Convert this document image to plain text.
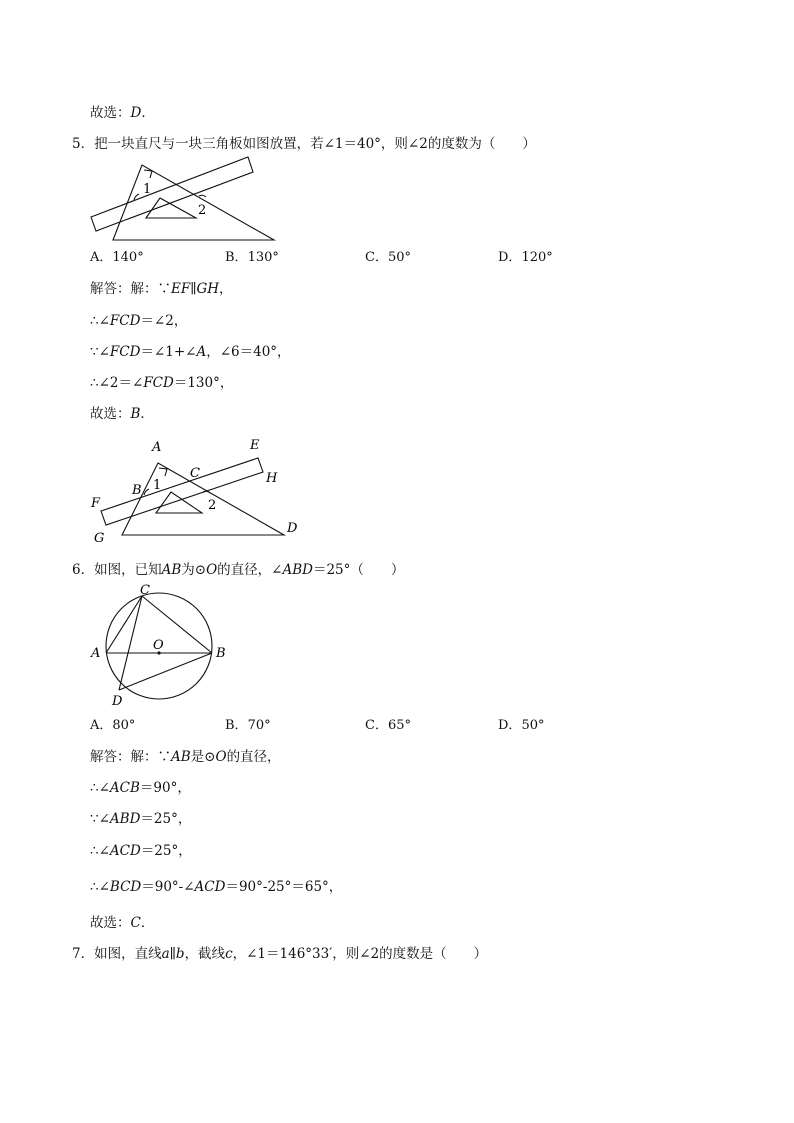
故选：D．
5．把一块直尺与一块三角板如图放置，若∠1＝40°，则∠2的度数为（　　）
1
2
A．140°	B．130°	C．50°	D．120°
解答：解：∵EF∥GH，
∴∠FCD＝∠2，
∵∠FCD＝∠1+∠A，∠6＝40°，
∴∠2＝∠FCD＝130°，
故选：B．
A	E
C	H
B
F
D
G
1
2
6．如图，已知AB为⊙O的直径，∠ABD＝25°（　　）
C
A
O
B
D
A．80°	B．70°	C．65°	D．50°
解答：解：∵AB是⊙O的直径，
∴∠ACB＝90°，
∵∠ABD＝25°，
∴∠ACD＝25°，
∴∠BCD＝90°-∠ACD＝90°-25°＝65°，
故选：C．
7．如图，直线a∥b，截线c，∠1＝146°33′，则∠2的度数是（　　）
